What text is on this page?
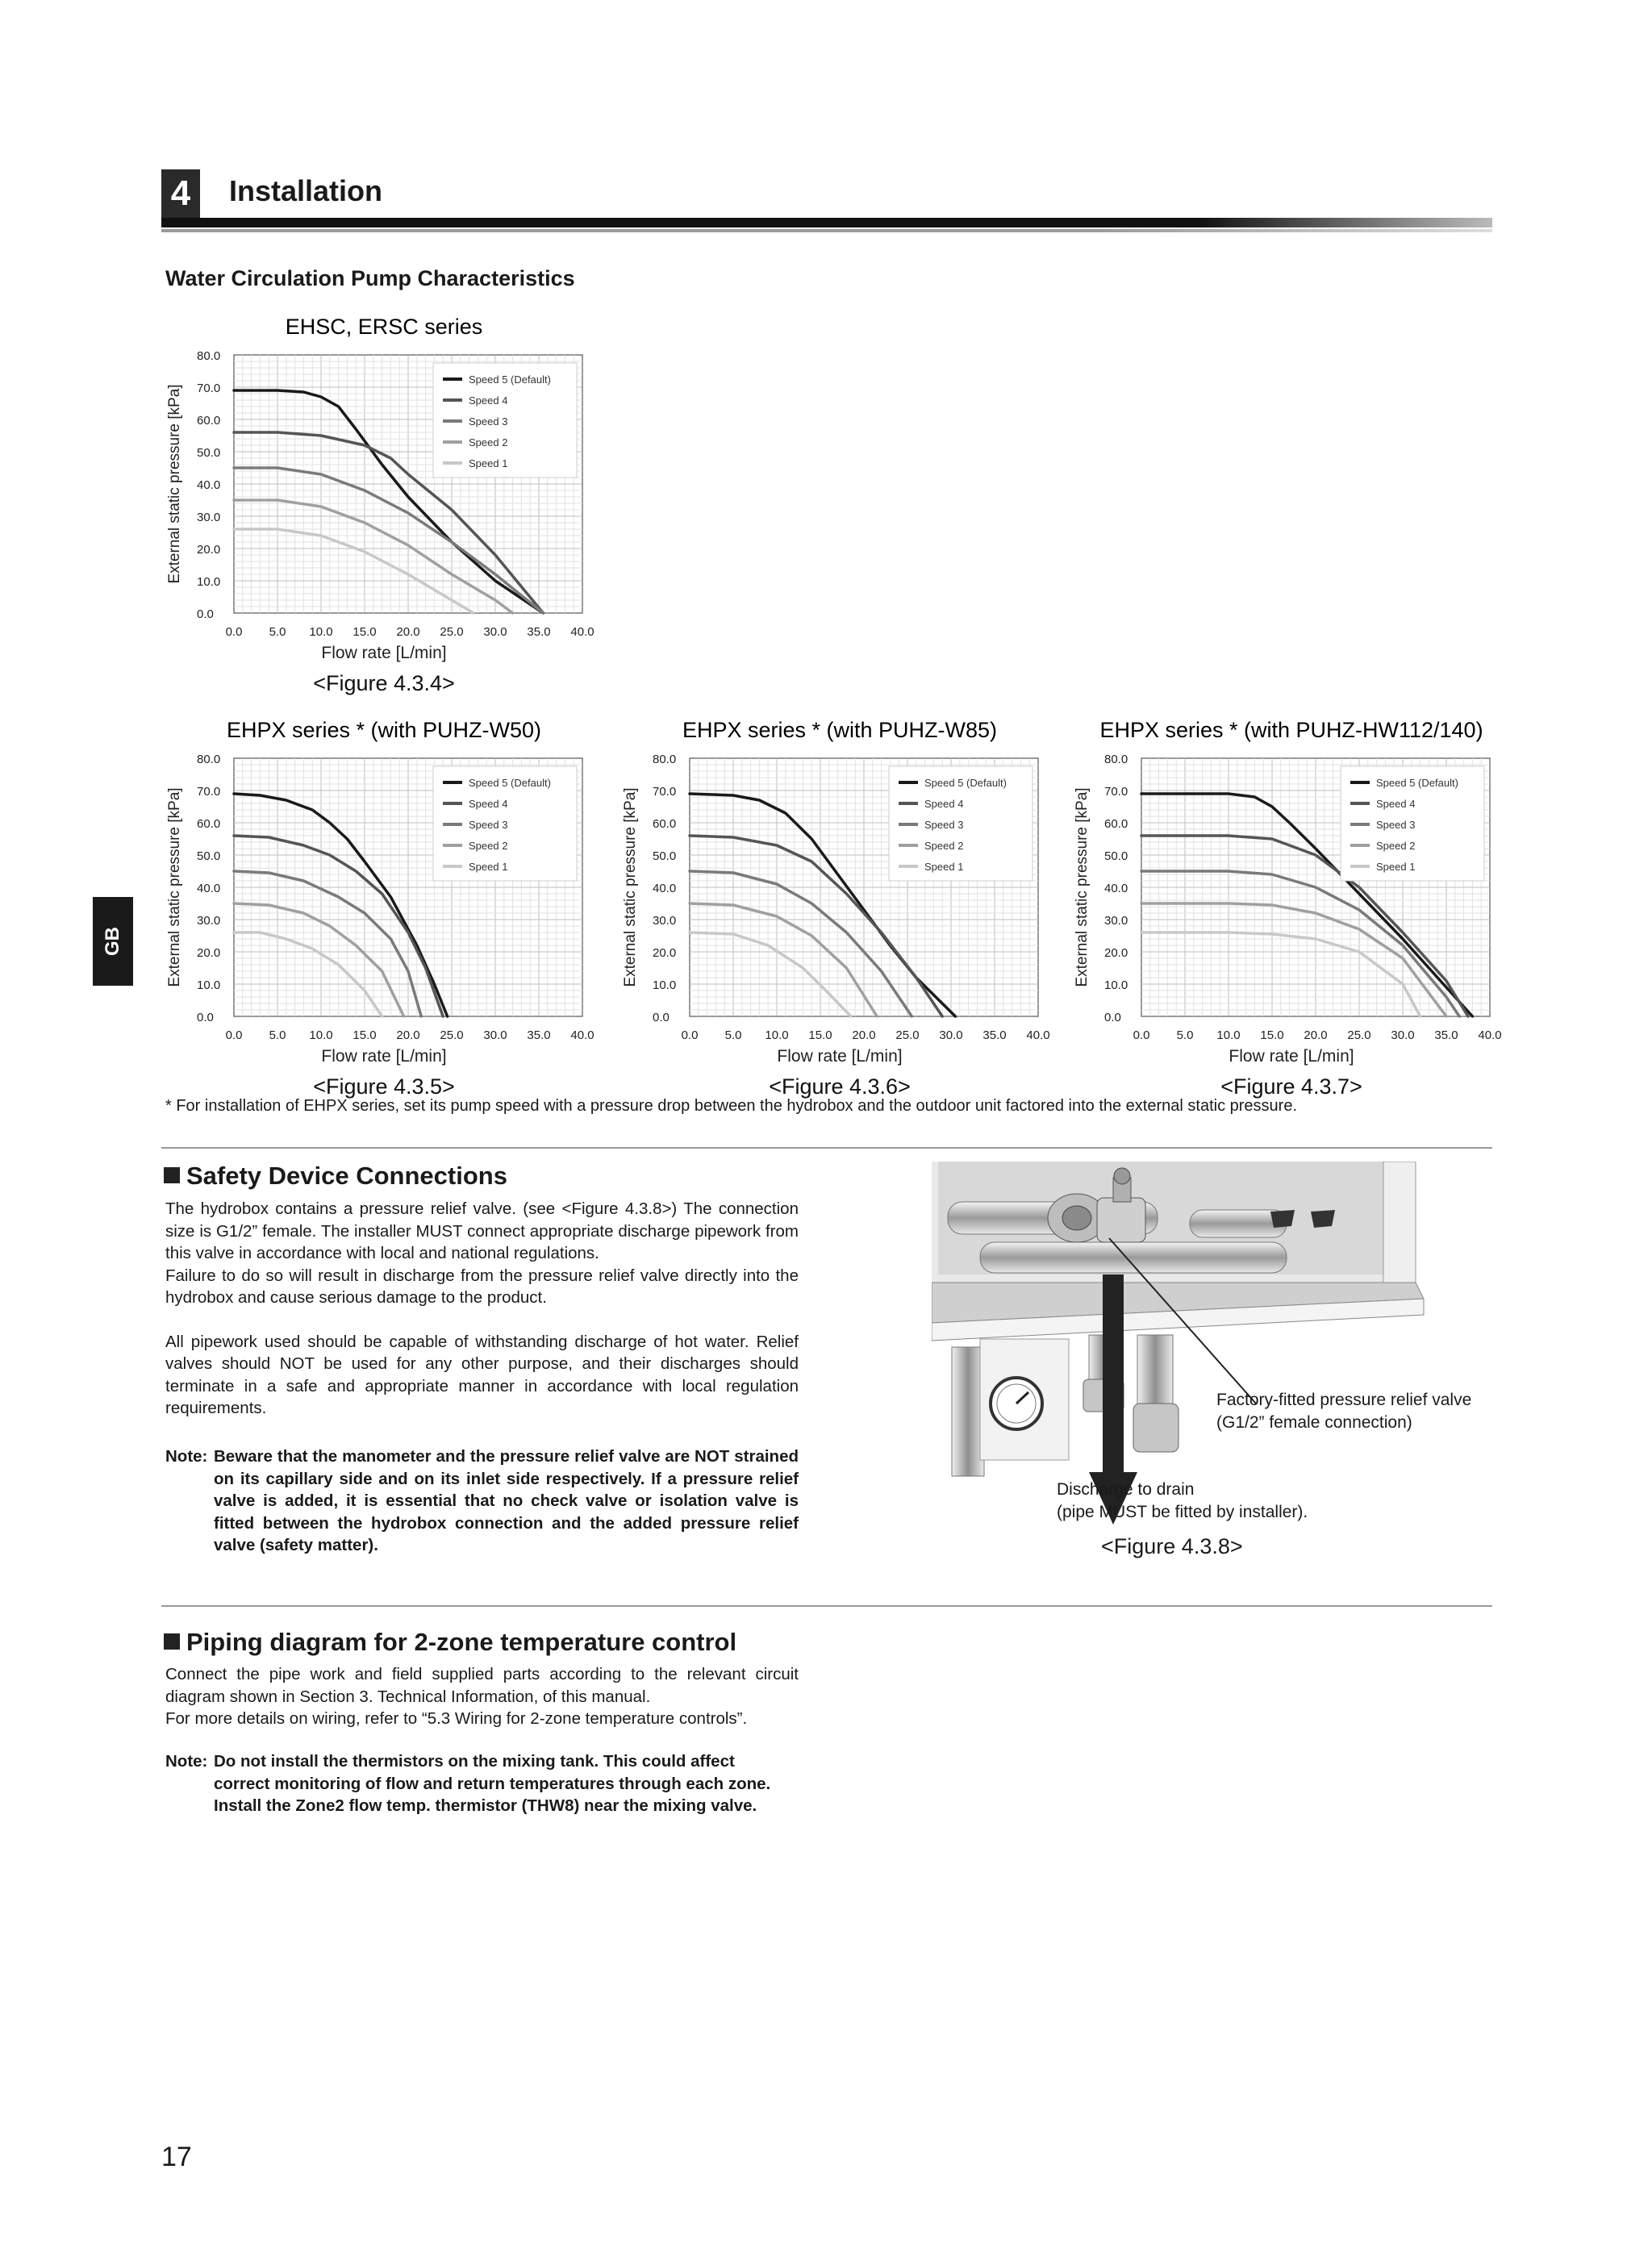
4	Installation
Water Circulation Pump Characteristics
EHSC, ERSC series
0.0
10.0
20.0
30.0
40.0
50.0
60.0
70.0
80.0
0.0 5.0 10.0 15.0 20.0 25.0 30.0 35.0 40.0
External static pressure [kPa]
Flow rate [L/min]
Speed 5 (Default)
Speed 4
Speed 3
Speed 2
Speed 1
<Figure 4.3.4>
EHPX series * (with PUHZ-W50)
0.0
10.0
20.0
30.0
40.0
50.0
60.0
70.0
80.0
0.0 5.0 10.0 15.0 20.0 25.0 30.0 35.0 40.0
External static pressure [kPa]
Flow rate [L/min]
Speed 5 (Default)
Speed 4
Speed 3
Speed 2
Speed 1
<Figure 4.3.5>
EHPX series * (with PUHZ-W85)
0.0
10.0
20.0
30.0
40.0
50.0
60.0
70.0
80.0
0.0 5.0 10.0 15.0 20.0 25.0 30.0 35.0 40.0
External static pressure [kPa]
Flow rate [L/min]
Speed 5 (Default)
Speed 4
Speed 3
Speed 2
Speed 1
<Figure 4.3.6>
EHPX series * (with PUHZ-HW112/140)
0.0
10.0
20.0
30.0
40.0
50.0
60.0
70.0
80.0
0.0 5.0 10.0 15.0 20.0 25.0 30.0 35.0 40.0
External static pressure [kPa]
Flow rate [L/min]
Speed 5 (Default)
Speed 4
Speed 3
Speed 2
Speed 1
<Figure 4.3.7>
GB
* For installation of EHPX series, set its pump speed with a pressure drop between the hydrobox and the outdoor unit factored into the external static pressure.
Safety Device Connections
The hydrobox contains a pressure relief valve. (see <Figure 4.3.8>) The connection size is G1/2” female. The installer MUST connect appropriate discharge pipework from this valve in accordance with local and national regulations.
Failure to do so will result in discharge from the pressure relief valve directly into the hydrobox and cause serious damage to the product.
All pipework used should be capable of withstanding discharge of hot water. Relief valves should NOT be used for any other purpose, and their discharges should terminate in a safe and appropriate manner in accordance with local regulation requirements.
Note: Beware that the manometer and the pressure relief valve are NOT strained on its capillary side and on its inlet side respectively. If a pressure relief valve is added, it is essential that no check valve or isolation valve is fitted between the hydrobox connection and the added pressure relief valve (safety matter).
Factory-fitted pressure relief valve
(G1/2” female connection)
Discharge to drain
(pipe MUST be fitted by installer).
<Figure 4.3.8>
Piping diagram for 2-zone temperature control
Connect the pipe work and field supplied parts according to the relevant circuit diagram shown in Section 3. Technical Information, of this manual.
For more details on wiring, refer to “5.3 Wiring for 2-zone temperature controls”.
Note: Do not install the thermistors on the mixing tank. This could affect correct monitoring of flow and return temperatures through each zone.
Install the Zone2 flow temp. thermistor (THW8) near the mixing valve.
17
